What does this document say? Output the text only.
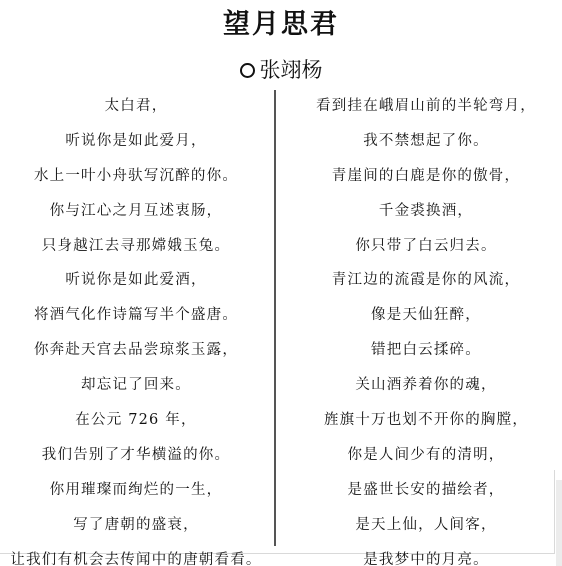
望月思君
张翊杨
太白君，
听说你是如此爱月，
水上一叶小舟驮写沉醉的你。
你与江心之月互述衷肠，
只身越江去寻那嫦娥玉兔。
听说你是如此爱酒，
将酒气化作诗篇写半个盛唐。
你奔赴天宫去品尝琼浆玉露，
却忘记了回来。
在公元 726 年，
我们告别了才华横溢的你。
你用璀璨而绚烂的一生，
写了唐朝的盛衰，
让我们有机会去传闻中的唐朝看看。
看到挂在峨眉山前的半轮弯月，
我不禁想起了你。
青崖间的白鹿是你的傲骨，
千金裘换酒，
你只带了白云归去。
青江边的流霞是你的风流，
像是天仙狂醉，
错把白云揉碎。
关山酒养着你的魂，
旌旗十万也划不开你的胸膛，
你是人间少有的清明，
是盛世长安的描绘者，
是天上仙，人间客，
是我梦中的月亮。
